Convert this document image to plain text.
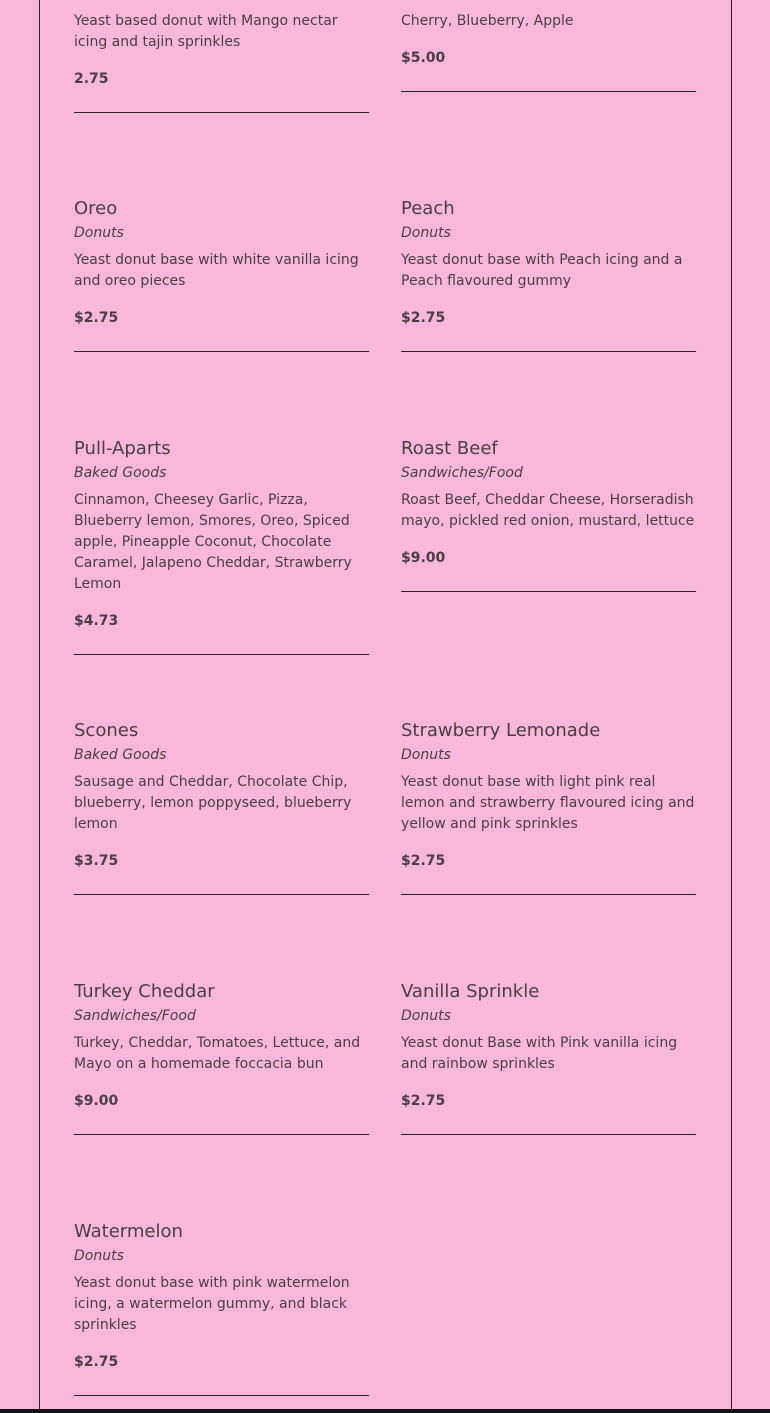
Yeast based donut with Mango nectar icing and tajin sprinkles
2.75
Cherry, Blueberry, Apple
$5.00
Oreo
Donuts
Yeast donut base with white vanilla icing and oreo pieces
$2.75
Peach
Donuts
Yeast donut base with Peach icing and a Peach flavoured gummy
$2.75
Pull-Aparts
Baked Goods
Cinnamon, Cheesey Garlic, Pizza, Blueberry lemon, Smores, Oreo, Spiced apple, Pineapple Coconut, Chocolate Caramel, Jalapeno Cheddar, Strawberry Lemon
$4.73
Roast Beef
Sandwiches/Food
Roast Beef, Cheddar Cheese, Horseradish mayo, pickled red onion, mustard, lettuce
$9.00
Scones
Baked Goods
Sausage and Cheddar, Chocolate Chip, blueberry, lemon poppyseed, blueberry lemon
$3.75
Strawberry Lemonade
Donuts
Yeast donut base with light pink real lemon and strawberry flavoured icing and yellow and pink sprinkles
$2.75
Turkey Cheddar
Sandwiches/Food
Turkey, Cheddar, Tomatoes, Lettuce, and Mayo on a homemade foccacia bun
$9.00
Vanilla Sprinkle
Donuts
Yeast donut Base with Pink vanilla icing and rainbow sprinkles
$2.75
Watermelon
Donuts
Yeast donut base with pink watermelon icing, a watermelon gummy, and black sprinkles
$2.75
